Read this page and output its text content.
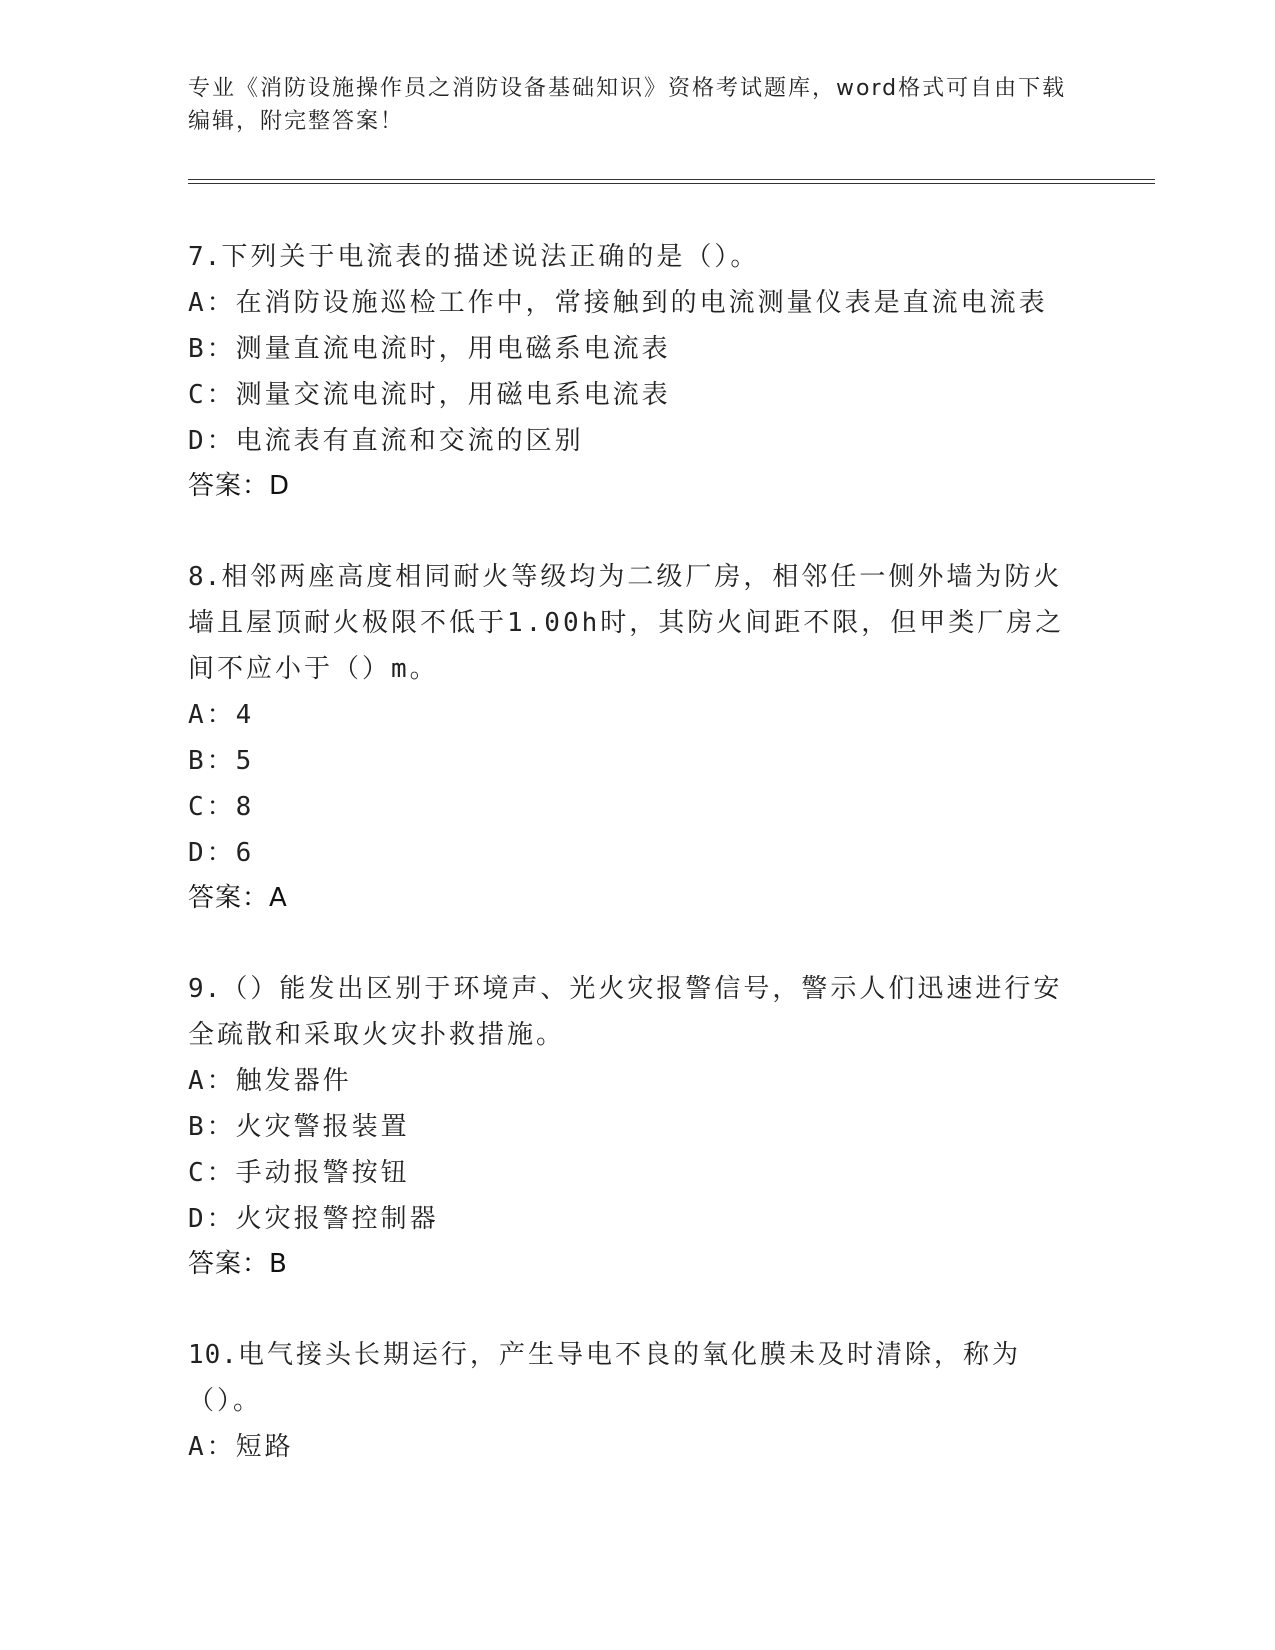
专业《消防设施操作员之消防设备基础知识》资格考试题库，word格式可自由下载编辑，附完整答案！

7.下列关于电流表的描述说法正确的是（）。

A：在消防设施巡检工作中，常接触到的电流测量仪表是直流电流表

B：测量直流电流时，用电磁系电流表

C：测量交流电流时，用磁电系电流表

D：电流表有直流和交流的区别

答案：D

8.相邻两座高度相同耐火等级均为二级厂房，相邻任一侧外墙为防火墙且屋顶耐火极限不低于1.00h时，其防火间距不限，但甲类厂房之间不应小于（）m。

A：4

B：5

C：8

D：6

答案：A

9.（）能发出区别于环境声、光火灾报警信号，警示人们迅速进行安全疏散和采取火灾扑救措施。

A：触发器件

B：火灾警报装置

C：手动报警按钮

D：火灾报警控制器

答案：B

10.电气接头长期运行，产生导电不良的氧化膜未及时清除，称为（）。

A：短路
